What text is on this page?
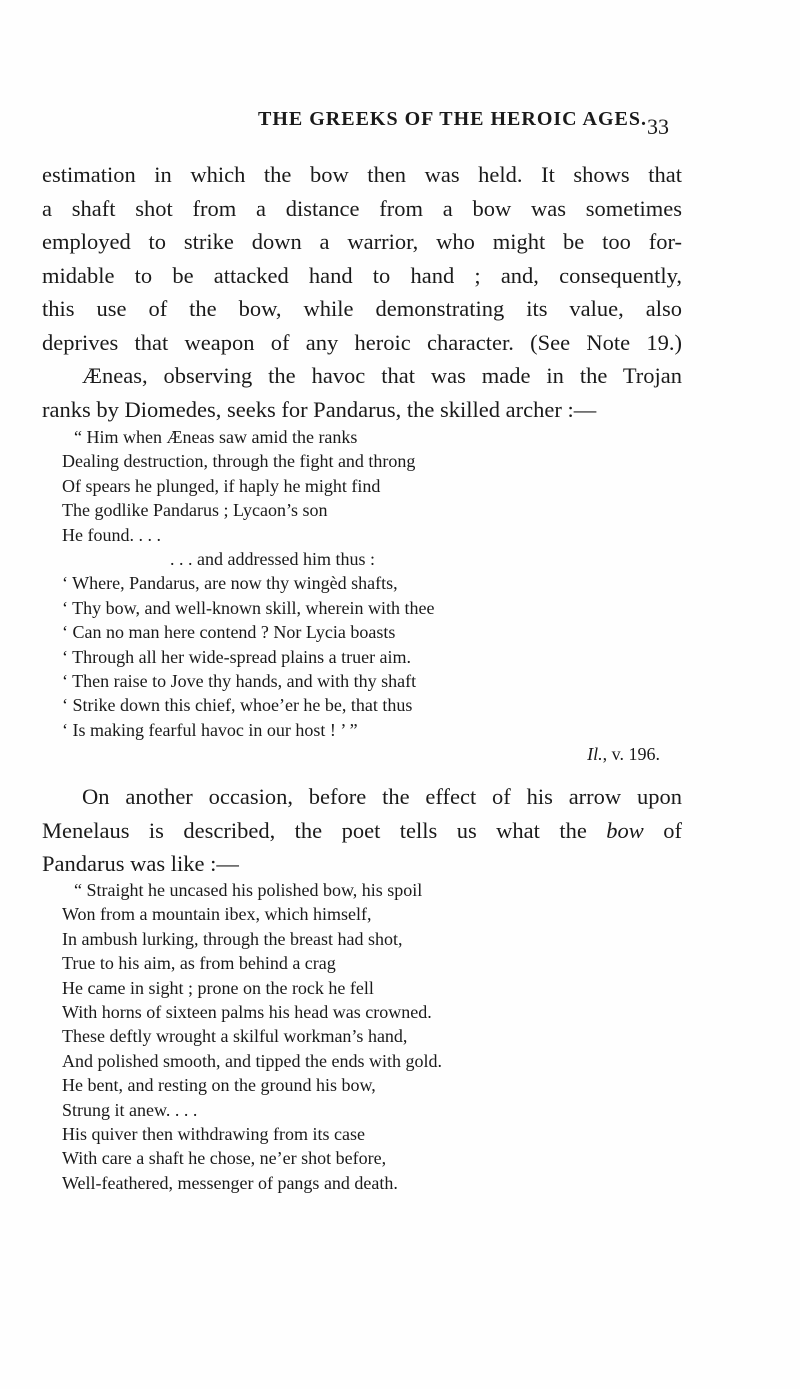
THE GREEKS OF THE HEROIC AGES. 33
estimation in which the bow then was held. It shows that
a shaft shot from a distance from a bow was sometimes
employed to strike down a warrior, who might be too for-
midable to be attacked hand to hand ; and, consequently,
this use of the bow, while demonstrating its value, also
deprives that weapon of any heroic character. (See Note 19.)
Æneas, observing the havoc that was made in the Trojan
ranks by Diomedes, seeks for Pandarus, the skilled archer :—
“ Him when Æneas saw amid the ranks
Dealing destruction, through the fight and throng
Of spears he plunged, if haply he might find
The godlike Pandarus ; Lycaon’s son
He found. . . .
. . . and addressed him thus :
‘ Where, Pandarus, are now thy wingèd shafts,
‘ Thy bow, and well-known skill, wherein with thee
‘ Can no man here contend ? Nor Lycia boasts
‘ Through all her wide-spread plains a truer aim.
‘ Then raise to Jove thy hands, and with thy shaft
‘ Strike down this chief, whoe’er he be, that thus
‘ Is making fearful havoc in our host ! ’ ”
Il., v. 196.
On another occasion, before the effect of his arrow upon
Menelaus is described, the poet tells us what the bow of
Pandarus was like :—
“ Straight he uncased his polished bow, his spoil
Won from a mountain ibex, which himself,
In ambush lurking, through the breast had shot,
True to his aim, as from behind a crag
He came in sight ; prone on the rock he fell
With horns of sixteen palms his head was crowned.
These deftly wrought a skilful workman’s hand,
And polished smooth, and tipped the ends with gold.
He bent, and resting on the ground his bow,
Strung it anew. . . .
His quiver then withdrawing from its case
With care a shaft he chose, ne’er shot before,
Well-feathered, messenger of pangs and death.
